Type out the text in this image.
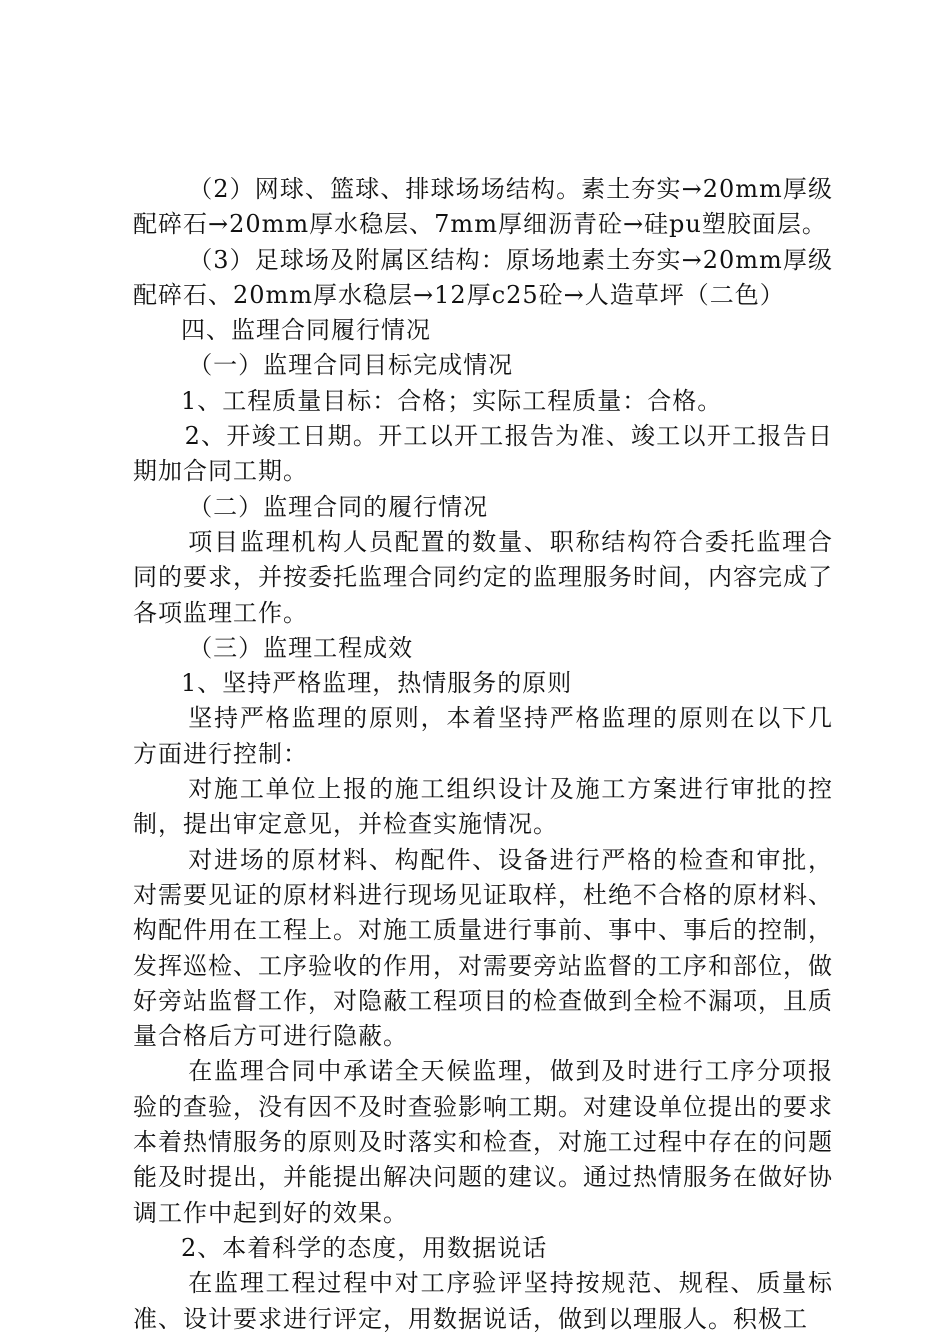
（2）网球、篮球、排球场场结构。素土夯实→20mm厚级配碎石→20mm厚水稳层、7mm厚细沥青砼→硅pu塑胶面层。

（3）足球场及附属区结构：原场地素土夯实→20mm厚级配碎石、20mm厚水稳层→12厚c25砼→人造草坪（二色）

四、监理合同履行情况

（一）监理合同目标完成情况

1、工程质量目标：合格；实际工程质量：合格。

2、开竣工日期。开工以开工报告为准、竣工以开工报告日期加合同工期。

（二）监理合同的履行情况

项目监理机构人员配置的数量、职称结构符合委托监理合同的要求，并按委托监理合同约定的监理服务时间，内容完成了各项监理工作。

（三）监理工程成效

1、坚持严格监理，热情服务的原则

坚持严格监理的原则，本着坚持严格监理的原则在以下几方面进行控制：

对施工单位上报的施工组织设计及施工方案进行审批的控制，提出审定意见，并检查实施情况。

对进场的原材料、构配件、设备进行严格的检查和审批，对需要见证的原材料进行现场见证取样，杜绝不合格的原材料、构配件用在工程上。对施工质量进行事前、事中、事后的控制，发挥巡检、工序验收的作用，对需要旁站监督的工序和部位，做好旁站监督工作，对隐蔽工程项目的检查做到全检不漏项，且质量合格后方可进行隐蔽。

在监理合同中承诺全天候监理，做到及时进行工序分项报验的查验，没有因不及时查验影响工期。对建设单位提出的要求本着热情服务的原则及时落实和检查，对施工过程中存在的问题能及时提出，并能提出解决问题的建议。通过热情服务在做好协调工作中起到好的效果。

2、本着科学的态度，用数据说话

在监理工程过程中对工序验评坚持按规范、规程、质量标准、设计要求进行评定，用数据说话，做到以理服人。积极工
